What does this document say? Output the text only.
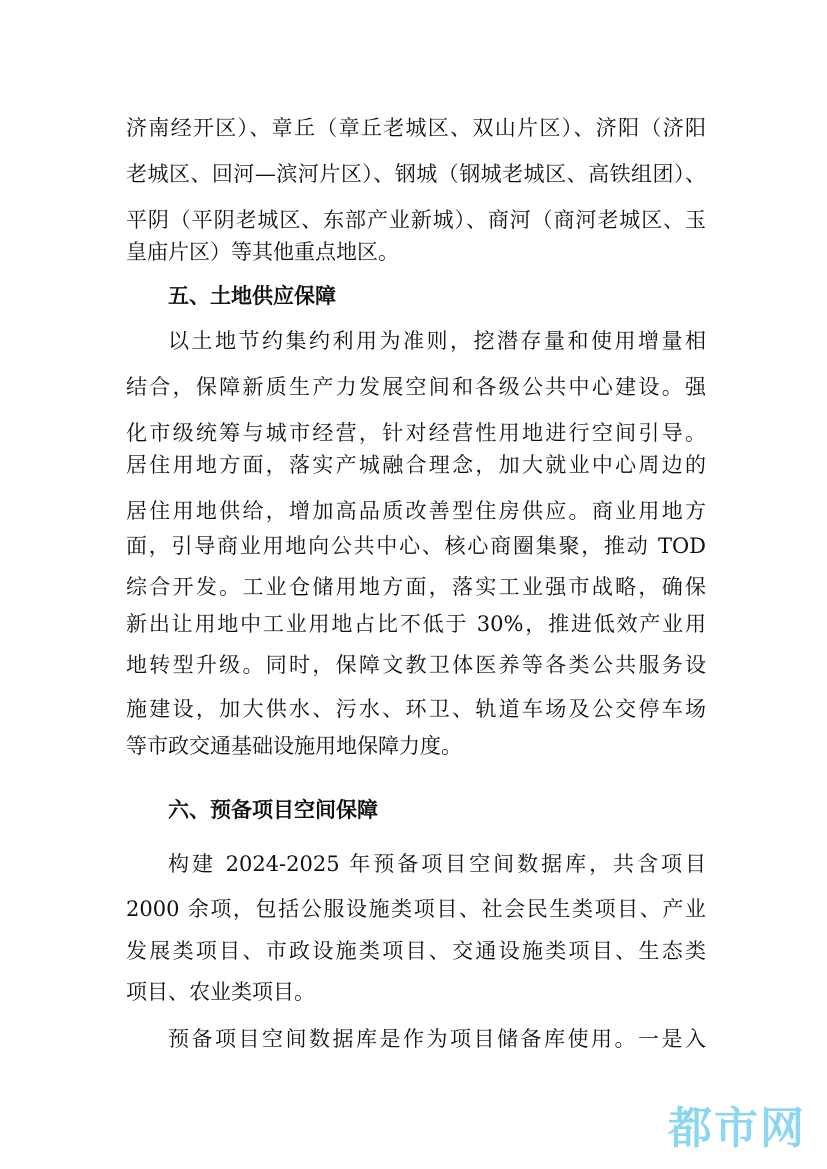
济南经开区）、章丘（章丘老城区、双山片区）、济阳（济阳
老城区、回河—滨河片区）、钢城（钢城老城区、高铁组团）、
平阴（平阴老城区、东部产业新城）、商河（商河老城区、玉
皇庙片区）等其他重点地区。
五、土地供应保障
以土地节约集约利用为准则，挖潜存量和使用增量相
结合，保障新质生产力发展空间和各级公共中心建设。强
化市级统筹与城市经营，针对经营性用地进行空间引导。
居住用地方面，落实产城融合理念，加大就业中心周边的
居住用地供给，增加高品质改善型住房供应。商业用地方
面，引导商业用地向公共中心、核心商圈集聚，推动 TOD
综合开发。工业仓储用地方面，落实工业强市战略，确保
新出让用地中工业用地占比不低于 30%，推进低效产业用
地转型升级。同时，保障文教卫体医养等各类公共服务设
施建设，加大供水、污水、环卫、轨道车场及公交停车场
等市政交通基础设施用地保障力度。
六、预备项目空间保障
构建 2024-2025 年预备项目空间数据库，共含项目
2000 余项，包括公服设施类项目、社会民生类项目、产业
发展类项目、市政设施类项目、交通设施类项目、生态类
项目、农业类项目。
预备项目空间数据库是作为项目储备库使用。一是入
都市网
